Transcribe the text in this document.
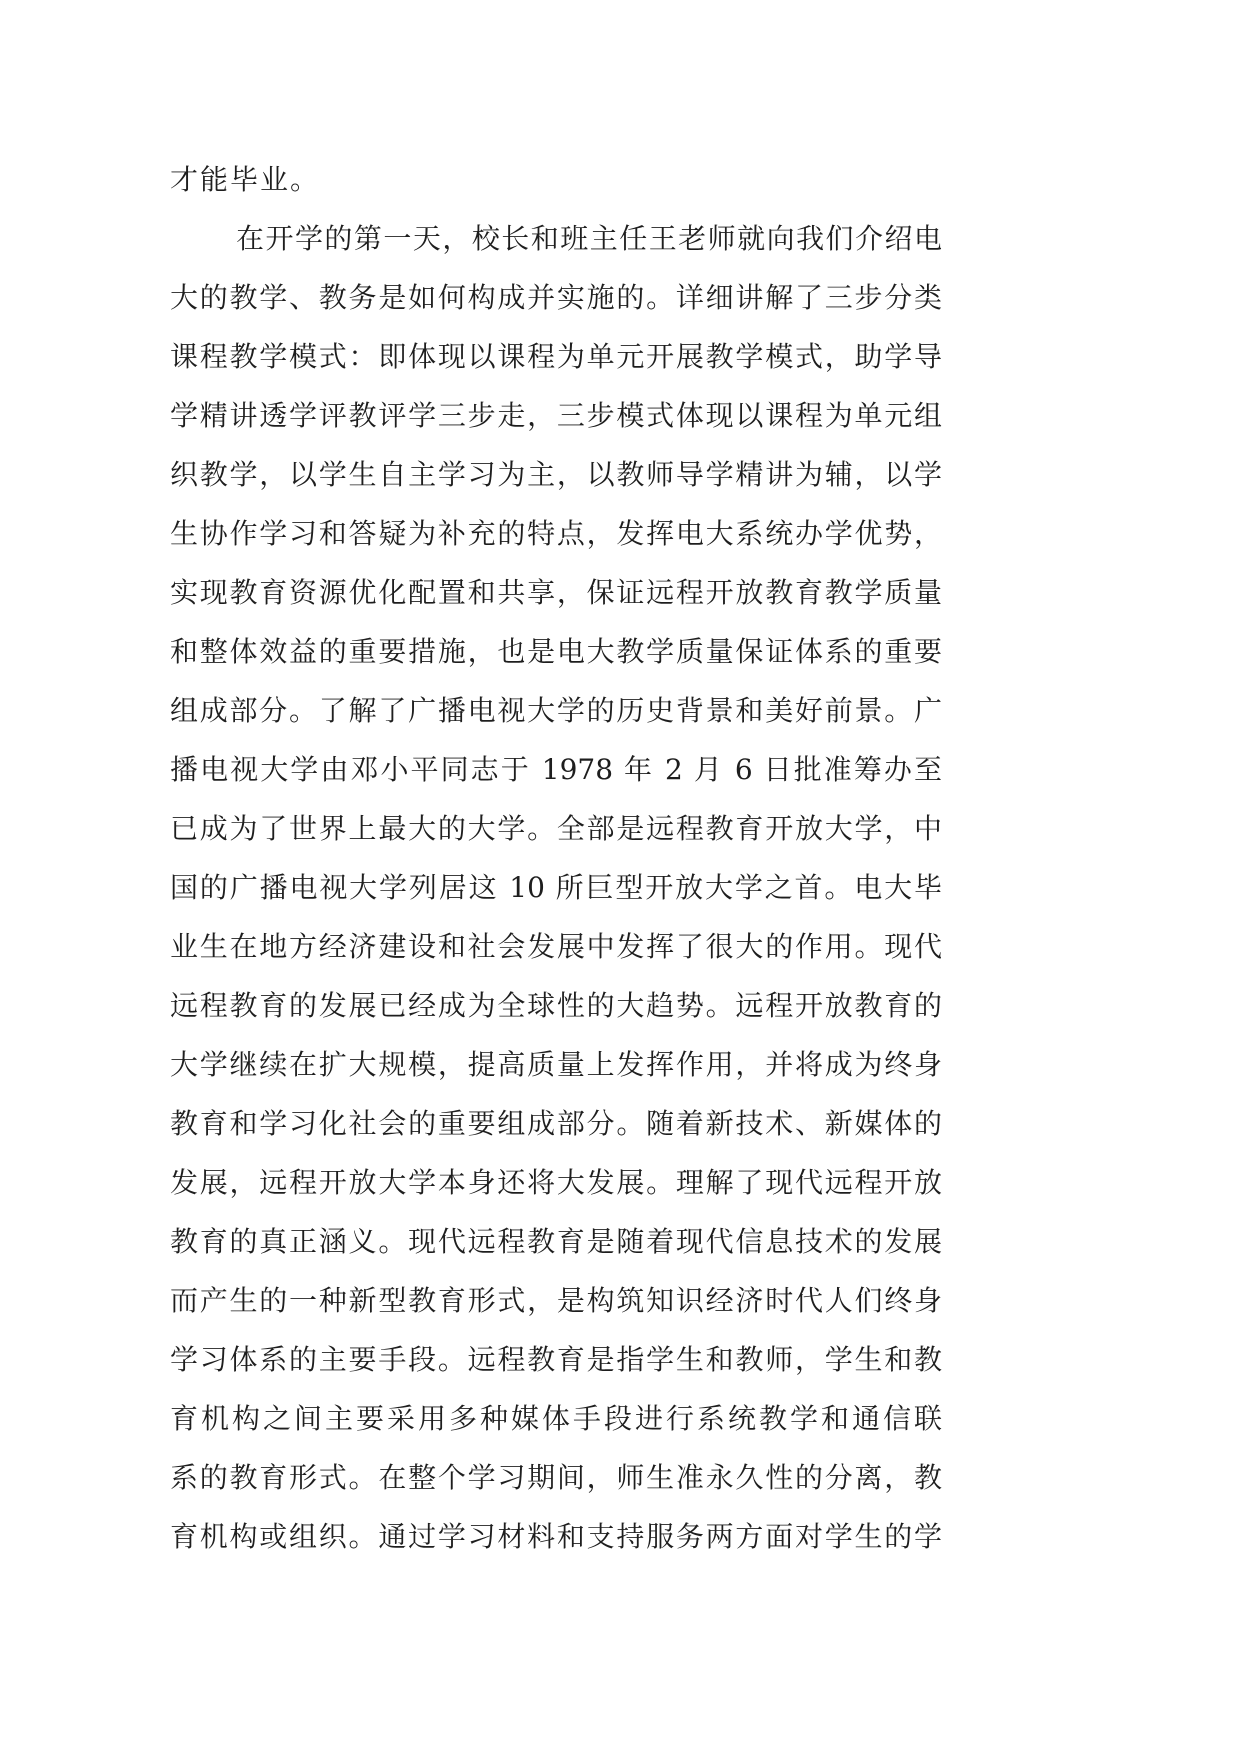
才能毕业。
在开学的第一天，校长和班主任王老师就向我们介绍电
大的教学、教务是如何构成并实施的。详细讲解了三步分类
课程教学模式：即体现以课程为单元开展教学模式，助学导
学精讲透学评教评学三步走，三步模式体现以课程为单元组
织教学，以学生自主学习为主，以教师导学精讲为辅，以学
生协作学习和答疑为补充的特点，发挥电大系统办学优势，
实现教育资源优化配置和共享，保证远程开放教育教学质量
和整体效益的重要措施，也是电大教学质量保证体系的重要
组成部分。了解了广播电视大学的历史背景和美好前景。广
播电视大学由邓小平同志于 1978 年 2 月 6 日批准筹办至
已成为了世界上最大的大学。全部是远程教育开放大学，中
国的广播电视大学列居这 10 所巨型开放大学之首。电大毕
业生在地方经济建设和社会发展中发挥了很大的作用。现代
远程教育的发展已经成为全球性的大趋势。远程开放教育的
大学继续在扩大规模，提高质量上发挥作用，并将成为终身
教育和学习化社会的重要组成部分。随着新技术、新媒体的
发展，远程开放大学本身还将大发展。理解了现代远程开放
教育的真正涵义。现代远程教育是随着现代信息技术的发展
而产生的一种新型教育形式，是构筑知识经济时代人们终身
学习体系的主要手段。远程教育是指学生和教师，学生和教
育机构之间主要采用多种媒体手段进行系统教学和通信联
系的教育形式。在整个学习期间，师生准永久性的分离，教
育机构或组织。通过学习材料和支持服务两方面对学生的学
